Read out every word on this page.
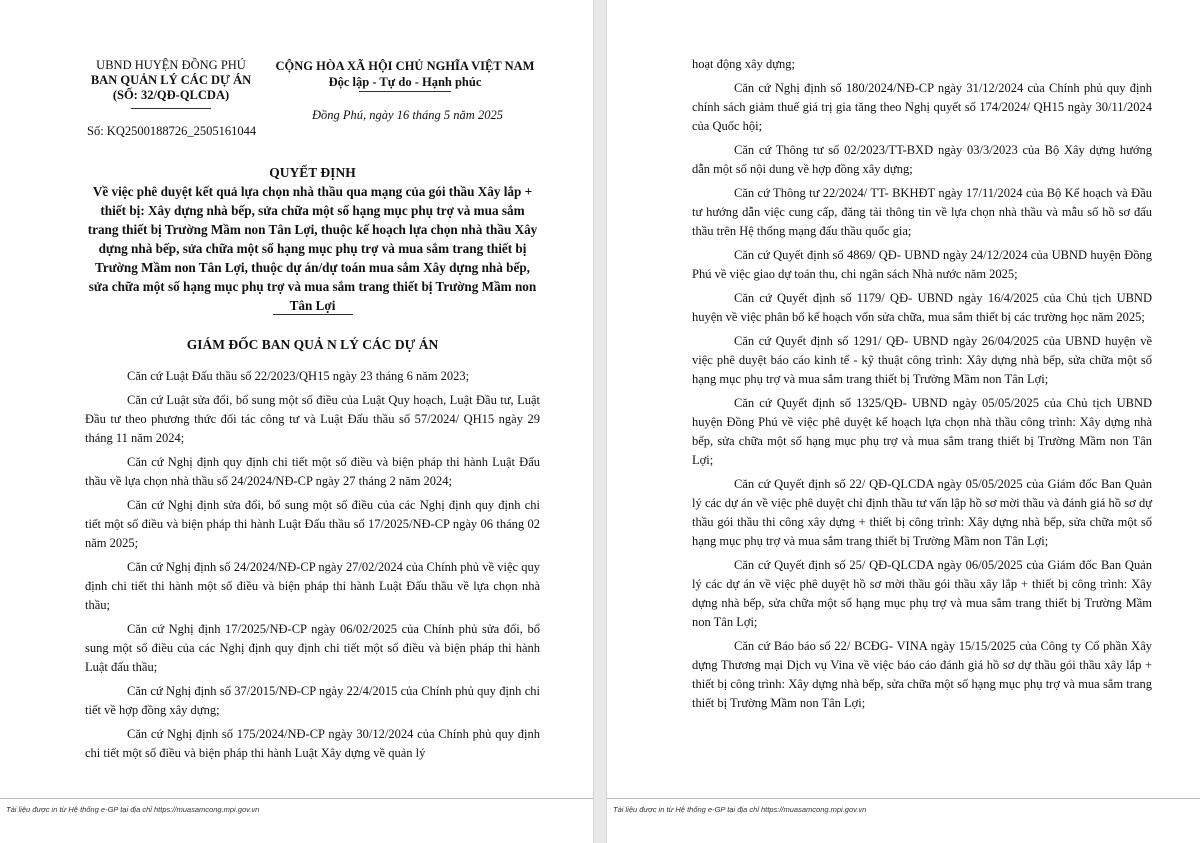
UBND HUYỆN ĐỒNG PHÚ
BAN QUẢN LÝ CÁC DỰ ÁN
(SỐ: 32/QĐ-QLCDA)
Số: KQ2500188726_2505161044
CỘNG HÒA XÃ HỘI CHỦ NGHĨA VIỆT NAM
Độc lập - Tự do - Hạnh phúc
Đồng Phú, ngày 16 tháng 5 năm 2025
QUYẾT ĐỊNH
Về việc phê duyệt kết quả lựa chọn nhà thầu qua mạng của gói thầu Xây lắp + thiết bị: Xây dựng nhà bếp, sửa chữa một số hạng mục phụ trợ và mua sắm trang thiết bị Trường Mầm non Tân Lợi, thuộc kế hoạch lựa chọn nhà thầu Xây dựng nhà bếp, sửa chữa một số hạng mục phụ trợ và mua sắm trang thiết bị Trường Mầm non Tân Lợi, thuộc dự án/dự toán mua sắm Xây dựng nhà bếp, sửa chữa một số hạng mục phụ trợ và mua sắm trang thiết bị Trường Mầm non Tân Lợi
GIÁM ĐỐC BAN QUẢ N LÝ CÁC DỰ ÁN

Căn cứ Luật Đấu thầu số 22/2023/QH15 ngày 23 tháng 6 năm 2023;

Căn cứ Luật sửa đổi, bổ sung một số điều của Luật Quy hoạch, Luật Đầu tư, Luật Đầu tư theo phương thức đối tác công tư và Luật Đấu thầu số 57/2024/ QH15 ngày 29 tháng 11 năm 2024;

Căn cứ Nghị định quy định chi tiết một số điều và biện pháp thi hành Luật Đấu thầu về lựa chọn nhà thầu số 24/2024/NĐ-CP ngày 27 tháng 2 năm 2024;

Căn cứ Nghị định sửa đổi, bổ sung một số điều của các Nghị định quy định chi tiết một số điều và biện pháp thi hành Luật Đấu thầu số 17/2025/NĐ-CP ngày 06 tháng 02 năm 2025;

Căn cứ Nghị định số 24/2024/NĐ-CP ngày 27/02/2024 của Chính phủ về việc quy định chi tiết thi hành một số điều và biện pháp thi hành Luật Đấu thầu về lựa chọn nhà thầu;

Căn cứ Nghị định 17/2025/NĐ-CP ngày 06/02/2025 của Chính phủ sửa đổi, bổ sung một số điều của các Nghị định quy định chi tiết một số điều và biện pháp thi hành Luật đấu thầu;

Căn cứ Nghị định số 37/2015/NĐ-CP ngày 22/4/2015 của Chính phủ quy định chi tiết về hợp đồng xây dựng;

Căn cứ Nghị định số 175/2024/NĐ-CP ngày 30/12/2024 của Chính phủ quy định chi tiết một số điều và biện pháp thi hành Luật Xây dựng về quản lý

Tài liệu được in từ Hệ thống e-GP tại địa chỉ https://muasamcong.mpi.gov.vn

hoạt động xây dựng;

Căn cứ Nghị định số 180/2024/NĐ-CP ngày 31/12/2024 của Chính phủ quy định chính sách giảm thuế giá trị gia tăng theo Nghị quyết số 174/2024/ QH15 ngày 30/11/2024 của Quốc hội;

Căn cứ Thông tư số 02/2023/TT-BXD ngày 03/3/2023 của Bộ Xây dựng hướng dẫn một số nội dung về hợp đồng xây dựng;

Căn cứ Thông tư 22/2024/ TT- BKHĐT ngày 17/11/2024 của Bộ Kế hoạch và Đầu tư hướng dẫn việc cung cấp, đăng tải thông tin về lựa chọn nhà thầu và mẫu số hồ sơ đấu thầu trên Hệ thống mạng đấu thầu quốc gia;

Căn cứ Quyết định số 4869/ QĐ- UBND ngày 24/12/2024 của UBND huyện Đồng Phú về việc giao dự toán thu, chi ngân sách Nhà nước năm 2025;

Căn cứ Quyết định số 1179/ QĐ- UBND ngày 16/4/2025 của Chủ tịch UBND huyện về việc phân bổ kế hoạch vốn sửa chữa, mua sắm thiết bị các trường học năm 2025;

Căn cứ Quyết định số 1291/ QĐ- UBND ngày 26/04/2025 của UBND huyện về việc phê duyệt báo cáo kinh tế - kỹ thuật công trình: Xây dựng nhà bếp, sửa chữa một số hạng mục phụ trợ và mua sắm trang thiết bị Trường Mầm non Tân Lợi;

Căn cứ Quyết định số 1325/QĐ- UBND ngày 05/05/2025 của Chủ tịch UBND huyện Đồng Phú về việc phê duyệt kế hoạch lựa chọn nhà thầu công trình: Xây dựng nhà bếp, sửa chữa một số hạng mục phụ trợ và mua sắm trang thiết bị Trường Mầm non Tân Lợi;

Căn cứ Quyết định số 22/ QĐ-QLCDA ngày 05/05/2025 của Giám đốc Ban Quản lý các dự án về việc phê duyệt chỉ định thầu tư vấn lập hồ sơ mời thầu và đánh giá hồ sơ dự thầu gói thầu thi công xây dựng + thiết bị công trình: Xây dựng nhà bếp, sửa chữa một số hạng mục phụ trợ và mua sắm trang thiết bị Trường Mầm non Tân Lợi;

Căn cứ Quyết định số 25/ QĐ-QLCDA ngày 06/05/2025 của Giám đốc Ban Quản lý các dự án về việc phê duyệt hồ sơ mời thầu gói thầu xây lắp + thiết bị công trình: Xây dựng nhà bếp, sửa chữa một số hạng mục phụ trợ và mua sắm trang thiết bị Trường Mầm non Tân Lợi;

Căn cứ Báo báo số 22/ BCĐG- VINA ngày 15/15/2025 của Công ty Cổ phần Xây dựng Thương mại Dịch vụ Vina về việc báo cáo đánh giá hồ sơ dự thầu gói thầu xây lắp + thiết bị công trình: Xây dựng nhà bếp, sửa chữa một số hạng mục phụ trợ và mua sắm trang thiết bị Trường Mầm non Tân Lợi;

Tài liệu được in từ Hệ thống e-GP tại địa chỉ https://muasamcong.mpi.gov.vn
